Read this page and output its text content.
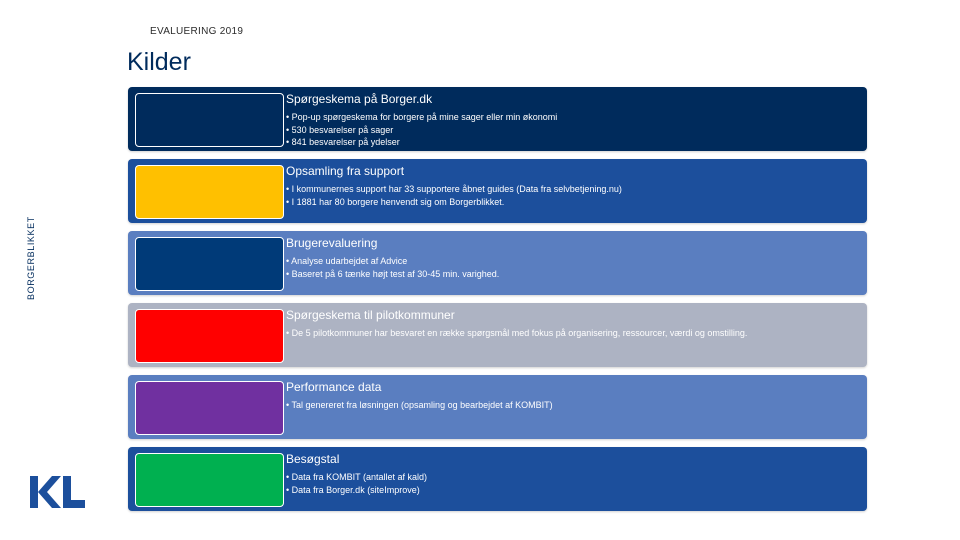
EVALUERING 2019
Kilder
BORGERBLIKKET
Spørgeskema på Borger.dk
• Pop-up spørgeskema for borgere på mine sager eller min økonomi
• 530 besvarelser på sager
• 841 besvarelser på ydelser
Opsamling fra support
• I kommunernes support har 33 supportere åbnet guides (Data fra selvbetjening.nu)
• I 1881 har 80 borgere henvendt sig om Borgerblikket.
Brugerevaluering
• Analyse udarbejdet af Advice
• Baseret på 6 tænke højt test af 30-45 min. varighed.
Spørgeskema til pilotkommuner
• De 5 pilotkommuner har besvaret en række spørgsmål med fokus på organisering, ressourcer, værdi og omstilling.
Performance data
• Tal genereret fra løsningen (opsamling og bearbejdet af KOMBIT)
Besøgstal
• Data fra KOMBIT (antallet af kald)
• Data fra Borger.dk (siteImprove)
